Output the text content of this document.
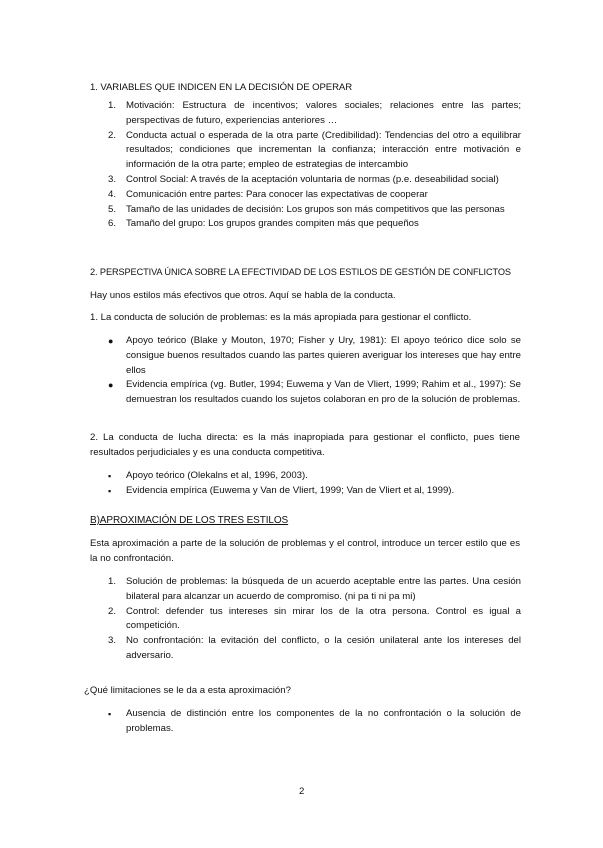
1. VARIABLES QUE INDICEN EN LA DECISIÓN DE OPERAR
1. Motivación: Estructura de incentivos; valores sociales; relaciones entre las partes; perspectivas de futuro, experiencias anteriores …
2. Conducta actual o esperada de la otra parte (Credibilidad): Tendencias del otro a equilibrar resultados; condiciones que incrementan la confianza; interacción entre motivación e información de la otra parte; empleo de estrategias de intercambio
3. Control Social: A través de la aceptación voluntaria de normas (p.e. deseabilidad social)
4. Comunicación entre partes: Para conocer las expectativas de cooperar
5. Tamaño de las unidades de decisión: Los grupos son más competitivos que las personas
6. Tamaño del grupo: Los grupos grandes compiten más que pequeños
2. PERSPECTIVA ÚNICA SOBRE LA EFECTIVIDAD DE LOS ESTILOS DE GESTIÓN DE CONFLICTOS
Hay unos estilos más efectivos que otros. Aquí se habla de la conducta.
1. La conducta de solución de problemas: es la más apropiada para gestionar el conflicto.
● Apoyo teórico (Blake y Mouton, 1970; Fisher y Ury, 1981): El apoyo teórico dice solo se consigue buenos resultados cuando las partes quieren averiguar los intereses que hay entre ellos
● Evidencia empírica (vg. Butler, 1994; Euwema y Van de Vliert, 1999; Rahim et al., 1997): Se demuestran los resultados cuando los sujetos colaboran en pro de la solución de problemas.
2. La conducta de lucha directa: es la más inapropiada para gestionar el conflicto, pues tiene resultados perjudiciales y es una conducta competitiva.
▪ Apoyo teórico (Olekalns et al, 1996, 2003).
▪ Evidencia empírica (Euwema y Van de Vliert, 1999; Van de Vliert et al, 1999).
B)APROXIMACIÓN DE LOS TRES ESTILOS
Esta aproximación a parte de la solución de problemas y el control, introduce un tercer estilo que es la no confrontación.
1. Solución de problemas: la búsqueda de un acuerdo aceptable entre las partes. Una cesión bilateral para alcanzar un acuerdo de compromiso. (ni pa ti ni pa mi)
2. Control: defender tus intereses sin mirar los de la otra persona. Control es igual a competición.
3. No confrontación: la evitación del conflicto, o la cesión unilateral ante los intereses del adversario.
¿Qué limitaciones se le da a esta aproximación?
▪ Ausencia de distinción entre los componentes de la no confrontación o la solución de problemas.
2
